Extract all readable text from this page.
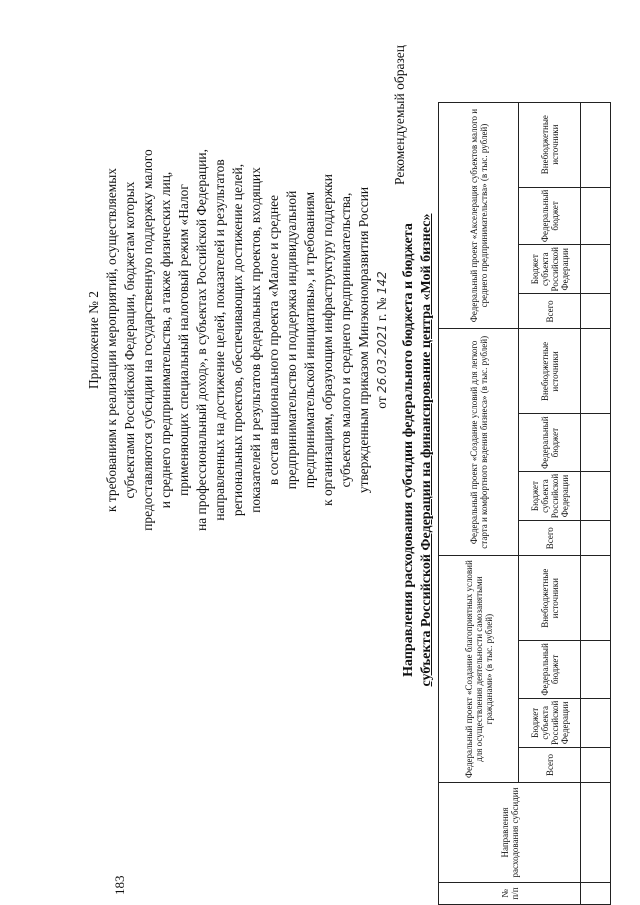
183
Приложение № 2 к требованиям к реализации мероприятий, осуществляемых субъектами Российской Федерации, бюджетам которых предоставляются субсидии на государственную поддержку малого и среднего предпринимательства, а также физических лиц, применяющих специальный налоговый режим «Налог на профессиональный доход», в субъектах Российской Федерации, направленных на достижение целей, показателей и результатов региональных проектов, обеспечивающих достижение целей, показателей и результатов федеральных проектов, входящих в состав национального проекта «Малое и среднее предпринимательство и поддержка индивидуальной предпринимательской инициативы», и требованиям к организациям, образующим инфраструктуру поддержки субъектов малого и среднего предпринимательства, утвержденным приказом Минэкономразвития России от 26.03.2021 г. № 142
Рекомендуемый образец
Направления расходования субсидии федерального бюджета и бюджета субъекта Российской Федерации на финансирование центра «Мой бизнес»
№ п/п	Направления расходования субсидии	Федеральный проект «Создание благоприятных условий для осуществления деятельности самозанятыми гражданами» (в тыс. рублей)				Федеральный проект «Создание условий для легкого старта и комфортного ведения бизнеса» (в тыс. рублей)				Федеральный проект «Акселерация субъектов малого и среднего предпринимательства» (в тыс. рублей)			
		Всего	Бюджет субъекта Российской Федерации	Федеральный бюджет	Внебюджетные источники	Всего	Бюджет субъекта Российской Федерации	Федеральный бюджет	Внебюджетные источники	Всего	Бюджет субъекта Российской Федерации	Федеральный бюджет	Внебюджетные источники
